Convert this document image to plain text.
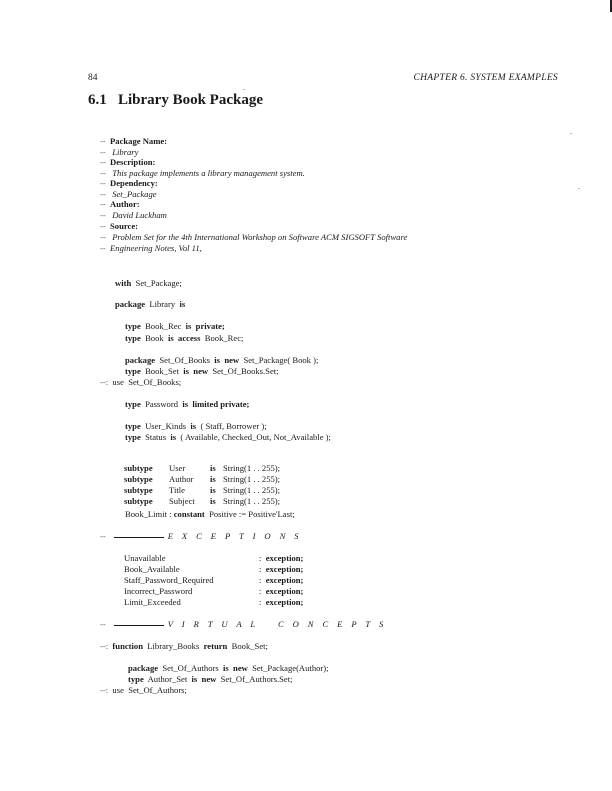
84	CHAPTER 6. SYSTEM EXAMPLES
6.1 Library Book Package
-- Package Name:
-- Library
-- Description:
-- This package implements a library management system.
-- Dependency:
-- Set_Package
-- Author:
-- David Luckham
-- Source:
-- Problem Set for the 4th International Workshop on Software ACM SIGSOFT Software
-- Engineering Notes, Vol 11,
with Set_Package;
package Library is
type Book_Rec is private;
type Book is access Book_Rec;
package Set_Of_Books is new Set_Package( Book );
type Book_Set is new Set_Of_Books.Set;
--: use Set_Of_Books;
type Password is limited private;
type User_Kinds is ( Staff, Borrower );
type Status is ( Available, Checked_Out, Not_Available );

subtype User	is String(1 . . 255);

subtype Author is String(1 . . 255);

subtype Title	is String(1 . . 255);

subtype Subject is String(1 . . 255);

Book_Limit : constant Positive := Positive'Last;
--	E X C E P T I O N S
Unavailable	: exception;
Book_Available	: exception;
Staff_Password_Required	: exception;
Incorrect_Password	: exception;
Limit_Exceeded	: exception;
--	V I R T U A L C O N C E P T S
--: function Library_Books return Book_Set;
package Set_Of_Authors is new Set_Package(Author);
type Author_Set is new Set_Of_Authors.Set;
--: use Set_Of_Authors;
